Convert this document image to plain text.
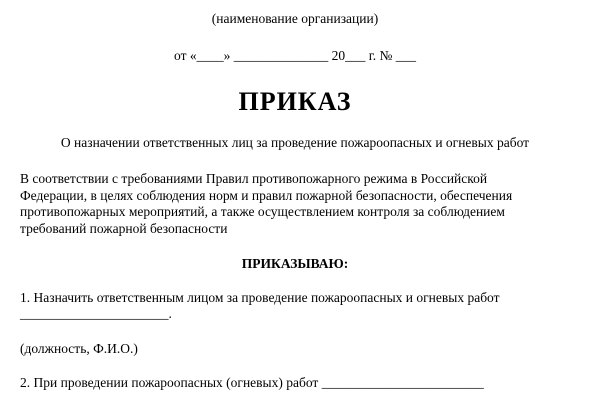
(наименование организации)
от «____» ______________ 20___ г. № ___
ПРИКАЗ
О назначении ответственных лиц за проведение пожароопасных и огневых работ
В соответствии с требованиями Правил противопожарного режима в Российской
Федерации, в целях соблюдения норм и правил пожарной безопасности, обеспечения
противопожарных мероприятий, а также осуществлением контроля за соблюдением
требований пожарной безопасности
ПРИКАЗЫВАЮ:
1. Назначить ответственным лицом за проведение пожароопасных и огневых работ
______________________.
(должность, Ф.И.О.)
2. При проведении пожароопасных (огневых) работ ________________________
